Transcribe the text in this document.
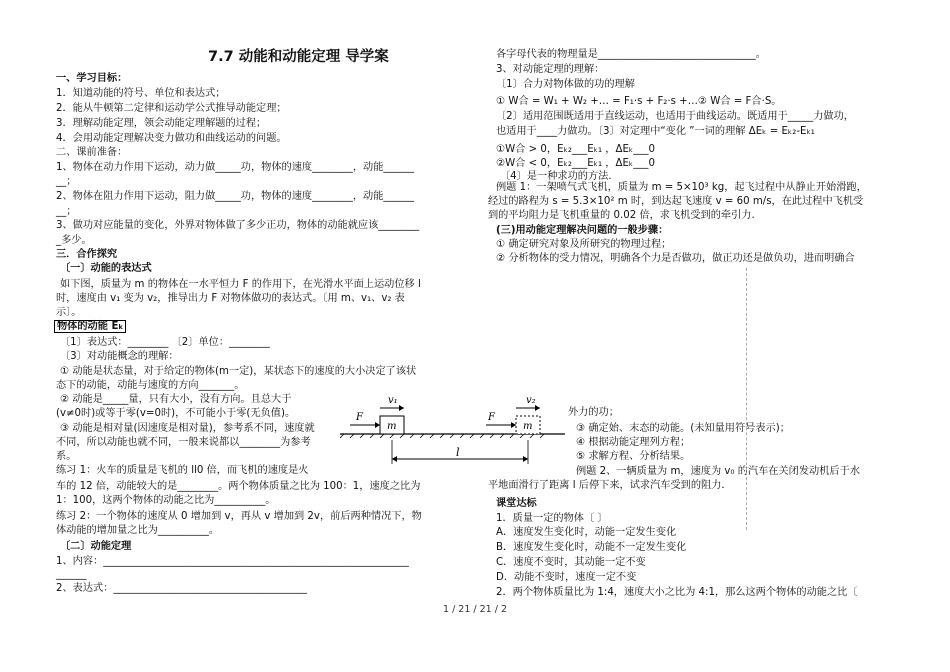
7.7 动能和动能定理 导学案
一、学习目标：
1．知道动能的符号、单位和表达式；
2．能从牛顿第二定律和运动学公式推导动能定理；
3．理解动能定理，领会动能定理解题的过程；
4．会用动能定理解决变力做功和曲线运动的问题。
二、课前准备：
1、物体在动力作用下运动，动力做_____功，物体的速度________，动能______
__；
2、物体在阻力作用下运动，阻力做_____功，物体的速度________，动能______
__；
3、做功对应能量的变化，外界对物体做了多少正功，物体的动能就应该________
_多少。
三．合作探究
〔一〕动能的表达式
如下图，质量为 m 的物体在一水平恒力 F 的作用下，在光滑水平面上运动位移 l
时，速度由 v₁ 变为 v₂，推导出力 F 对物体做功的表达式。〔用 m、v₁、v₂ 表
示〕。
物体的动能 Eₖ
〔1〕表达式：________ 〔2〕单位：________
〔3〕对动能概念的理解：
① 动能是状态量，对于给定的物体(m一定)，某状态下的速度的大小决定了该状
态下的动能，动能与速度的方向_______。
② 动能是_____量，只有大小，没有方向。且总大于
(v≠0时)或等于零(v=0时)，不可能小于零(无负值)。
③ 动能是相对量(因速度是相对量)，参考系不同，速度就
不同，所以动能也就不同，一般来说都以________为参考
系。
练习 1：火车的质量是飞机的 ll0 倍，而飞机的速度是火
车的 12 倍，动能较大的是________。两个物体质量之比为 100：1，速度之比为
1：100，这两个物体的动能之比为__________。
练习 2：一个物体的速度从 0 增加到 v，再从 v 增加到 2v，前后两种情况下，物
体动能的增加量之比为__________。
〔二〕动能定理
1、内容：____________________________________________________________
______
2、表达式：______________________________________
各字母代表的物理量是_______________________________。
3、对动能定理的理解：
〔1〕合力对物体做的功的理解
① W合 = W₁ + W₂ +… = F₁·s + F₂·s +…② W合 = F合·S。
〔2〕适用范围既适用于直线运动，也适用于曲线运动。既适用于_____力做功，
也适用于____力做功。〔3〕对定理中“变化 ”一词的理解 ΔEₖ = Eₖ₂-Eₖ₁
①W合 > 0，Eₖ₂___Eₖ₁ ，ΔEₖ___0
②W合 < 0，Eₖ₂___Eₖ₁ ，ΔEₖ___0
〔4〕是一种求功的方法.
例题 1：一架喷气式飞机，质量为 m = 5×10³ kg，起飞过程中从静止开始滑跑，
经过的路程为 s = 5.3×10² m 时，到达起飞速度 v = 60 m/s，在此过程中飞机受
到的平均阻力是飞机重量的 0.02 倍，求飞机受到的牵引力.
(三)用动能定理解决问题的一般步骤：
① 确定研究对象及所研究的物理过程；
② 分析物体的受力情况，明确各个力是否做功，做正功还是做负功，进而明确合
外力的功；
③ 确定始、末态的动能。(未知量用符号表示)；
④ 根据动能定理列方程；
⑤ 求解方程、分析结果。
例题 2、一辆质量为 m，速度为 v₀ 的汽车在关闭发动机后于水
平地面滑行了距离 l 后停下来，试求汽车受到的阻力．
课堂达标
1．质量一定的物体〔 〕
A．速度发生变化时，动能一定发生变化
B．速度发生变化时，动能不一定发生变化
C．速度不变时，其动能一定不变
D．动能不变时，速度一定不变
2．两个物体质量比为 1:4，速度大小之比为 4:1，那么这两个物体的动能之比〔
m	m
F	F
v₁	v₂
l
1 / 21 / 21 / 2
